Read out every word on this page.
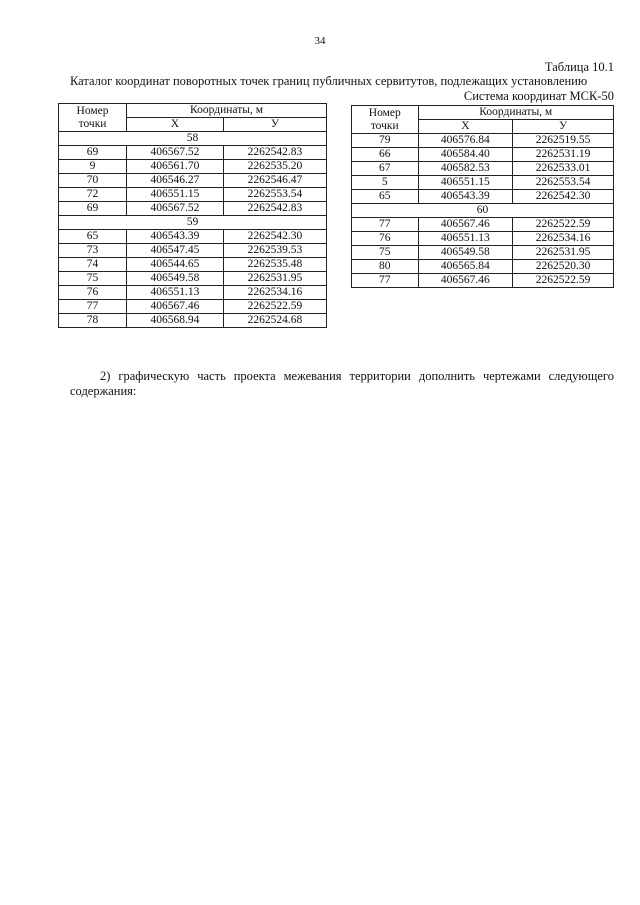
34
Таблица 10.1
Каталог координат поворотных точек границ публичных сервитутов, подлежащих установлению
Система координат МСК-50
Номер
точки	Координаты, м	
	X	У
58		
69	406567.52	2262542.83
9	406561.70	2262535.20
70	406546.27	2262546.47
72	406551.15	2262553.54
69	406567.52	2262542.83
59		
65	406543.39	2262542.30
73	406547.45	2262539.53
74	406544.65	2262535.48
75	406549.58	2262531.95
76	406551.13	2262534.16
77	406567.46	2262522.59
78	406568.94	2262524.68
Номер
точки	Координаты, м	
	X	У
79	406576.84	2262519.55
66	406584.40	2262531.19
67	406582.53	2262533.01
5	406551.15	2262553.54
65	406543.39	2262542.30
60		
77	406567.46	2262522.59
76	406551.13	2262534.16
75	406549.58	2262531.95
80	406565.84	2262520.30
77	406567.46	2262522.59
2) графическую часть проекта межевания территории дополнить чертежами следующего содержания:
